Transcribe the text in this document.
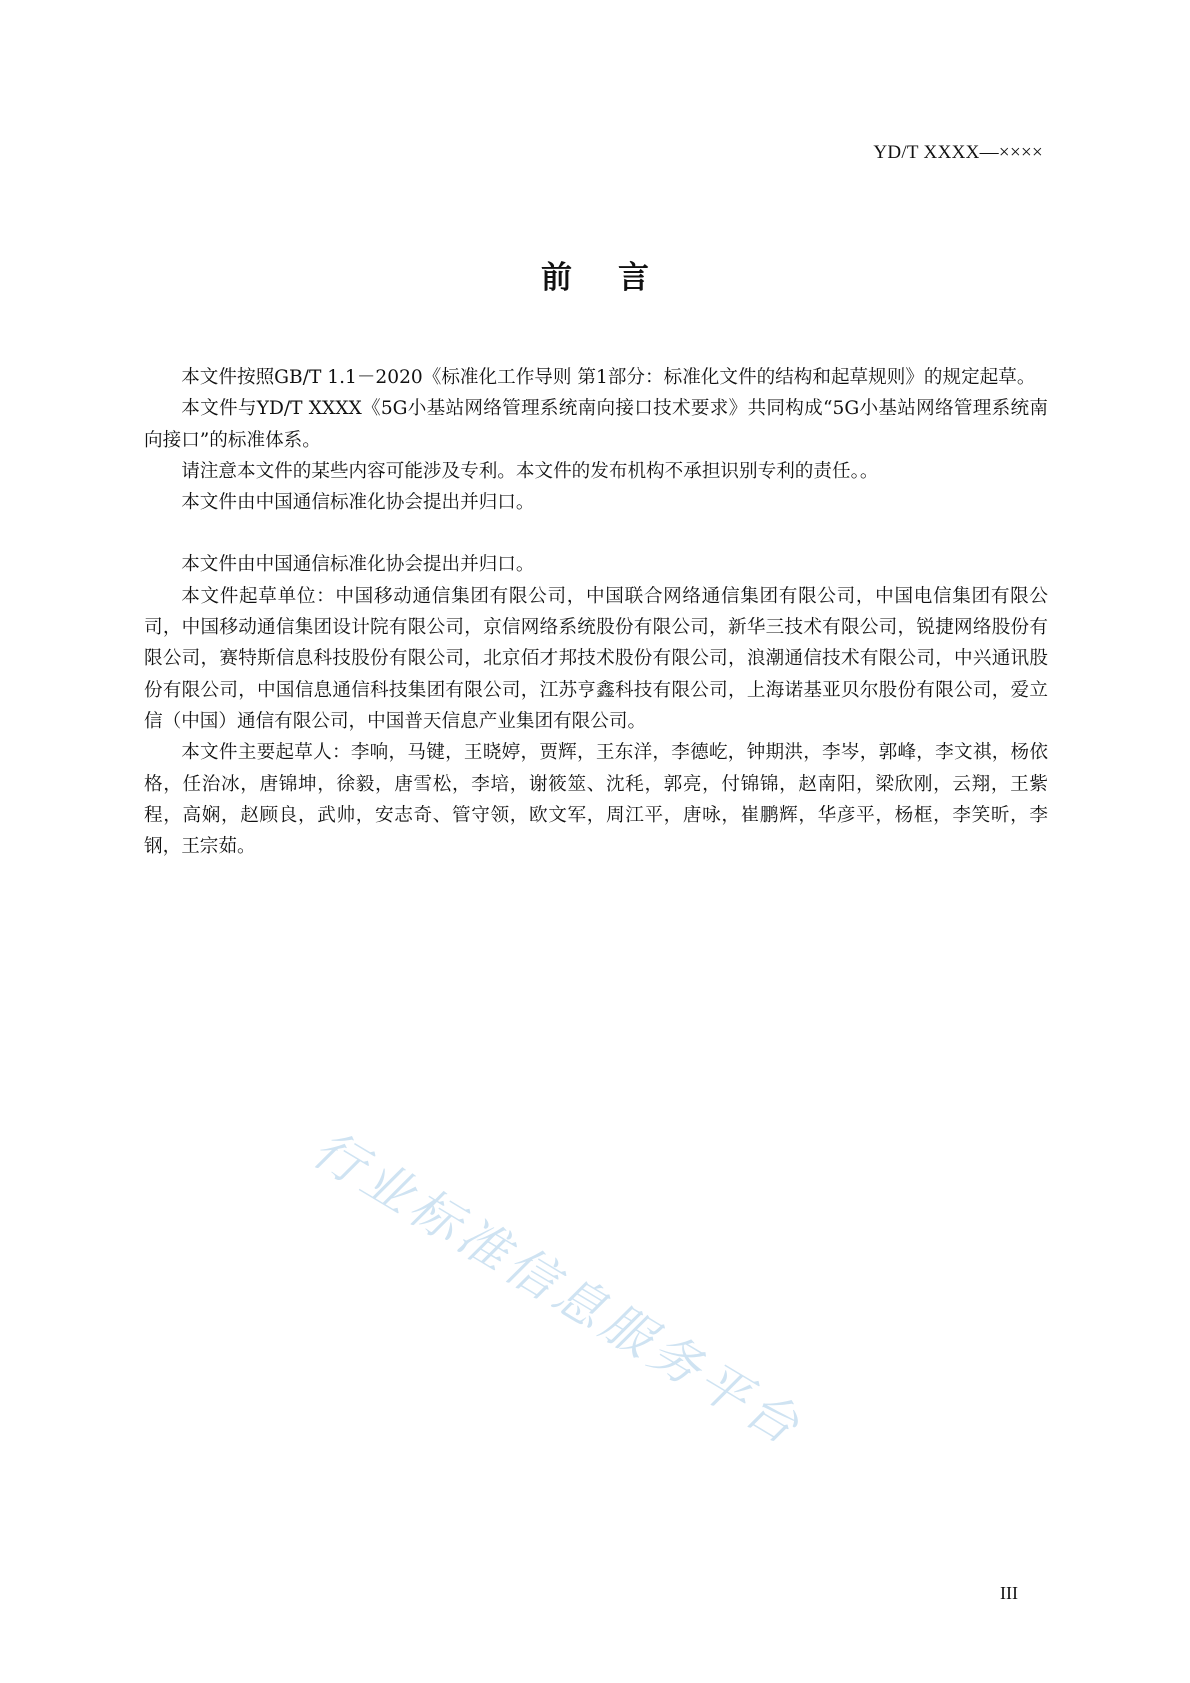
YD/T XXXX—××××
前言

本文件按照GB/T 1.1－2020《标准化工作导则 第1部分：标准化文件的结构和起草规则》的规定起草。

本文件与YD/T XXXX《5G小基站网络管理系统南向接口技术要求》共同构成“5G小基站网络管理系统南向接口”的标准体系。

请注意本文件的某些内容可能涉及专利。本文件的发布机构不承担识别专利的责任。。

本文件由中国通信标准化协会提出并归口。

本文件由中国通信标准化协会提出并归口。

本文件起草单位：中国移动通信集团有限公司，中国联合网络通信集团有限公司，中国电信集团有限公司，中国移动通信集团设计院有限公司，京信网络系统股份有限公司，新华三技术有限公司，锐捷网络股份有限公司，赛特斯信息科技股份有限公司，北京佰才邦技术股份有限公司，浪潮通信技术有限公司，中兴通讯股份有限公司，中国信息通信科技集团有限公司，江苏亨鑫科技有限公司，上海诺基亚贝尔股份有限公司，爱立信（中国）通信有限公司，中国普天信息产业集团有限公司。

本文件主要起草人：李响，马键，王晓婷，贾辉，王东洋，李德屹，钟期洪，李岑，郭峰，李文祺，杨依格，任治冰，唐锦坤，徐毅，唐雪松，李培，谢筱筮、沈秏，郭亮，付锦锦，赵南阳，梁欣刚，云翔，王紫程，高娴，赵顾良，武帅，安志奇、管守领，欧文军，周江平，唐咏，崔鹏辉，华彦平，杨框，李笑昕，李钢，王宗茹。

行业标准信息服务平台
III
